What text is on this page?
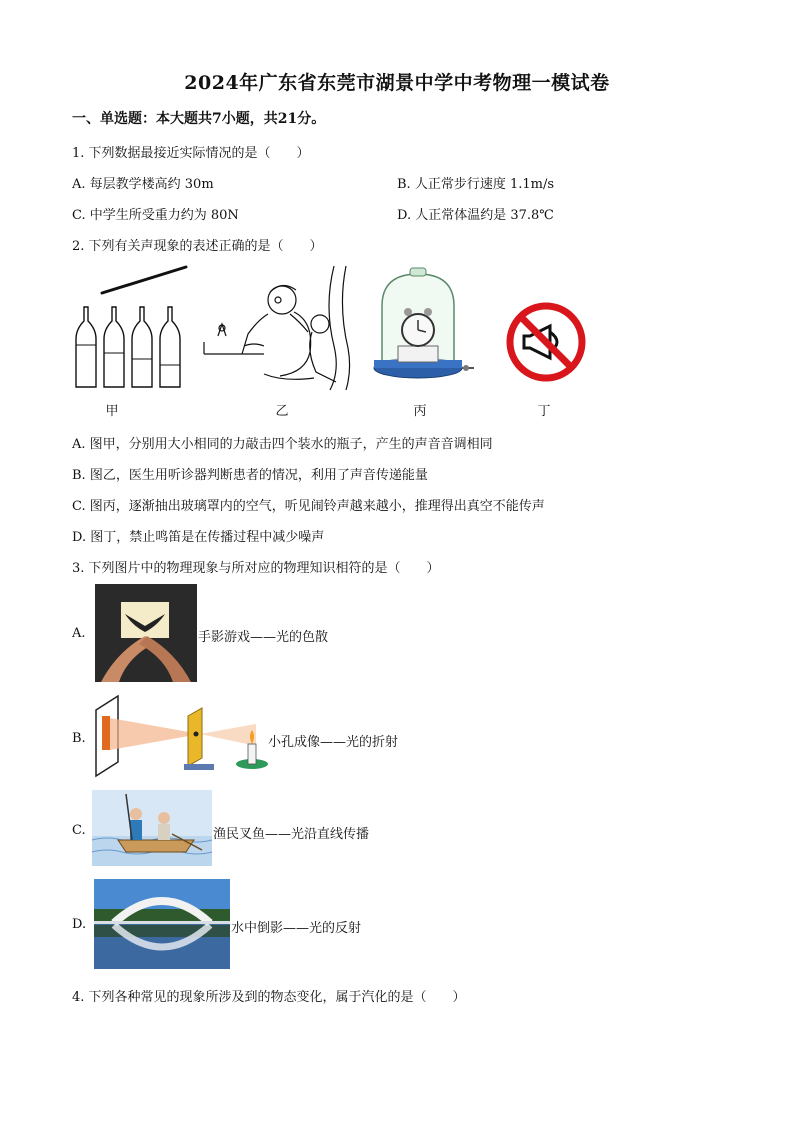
2024年广东省东莞市湖景中学中考物理一模试卷
一、单选题：本大题共7小题，共21分。
1. 下列数据最接近实际情况的是（　　）
A. 每层教学楼高约 30m	B. 人正常步行速度 1.1m/s
C. 中学生所受重力约为 80N	D. 人正常体温约是 37.8℃
2. 下列有关声现象的表述正确的是（　　）
甲	乙	丙	丁
A. 图甲，分别用大小相同的力敲击四个装水的瓶子，产生的声音音调相同
B. 图乙，医生用听诊器判断患者的情况，利用了声音传递能量
C. 图丙，逐渐抽出玻璃罩内的空气，听见闹铃声越来越小，推理得出真空不能传声
D. 图丁，禁止鸣笛是在传播过程中减少噪声
3. 下列图片中的物理现象与所对应的物理知识相符的是（　　）
A.	手影游戏——光的色散
B.	小孔成像——光的折射
C.	渔民叉鱼——光沿直线传播
D.	水中倒影——光的反射
4. 下列各种常见的现象所涉及到的物态变化，属于汽化的是（　　）
